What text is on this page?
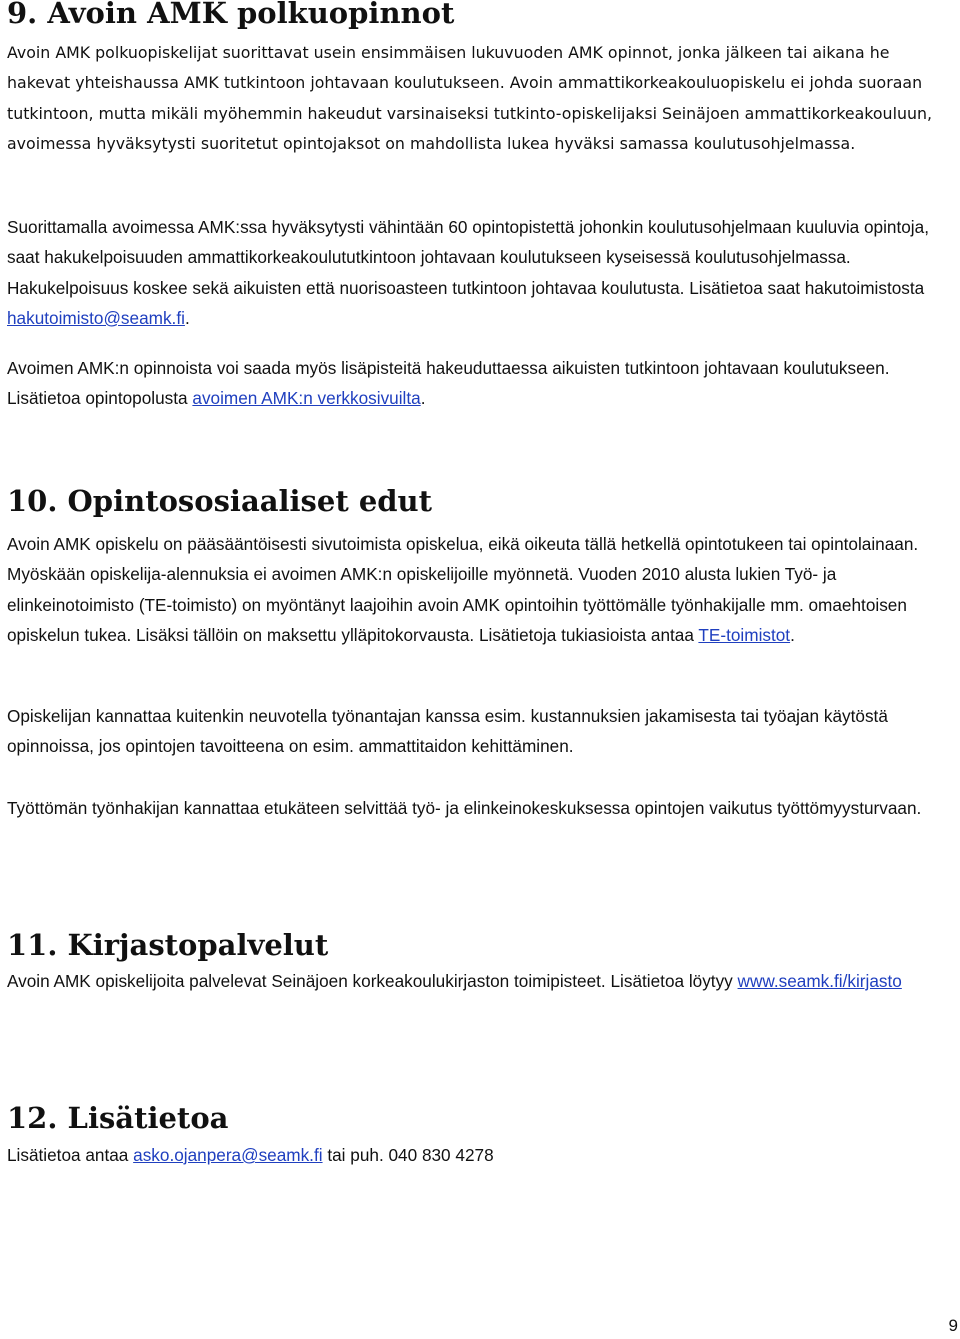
9. Avoin AMK polkuopinnot

Avoin AMK polkuopiskelijat suorittavat usein ensimmäisen lukuvuoden AMK opinnot, jonka jälkeen tai aikana he hakevat yhteishaussa AMK tutkintoon johtavaan koulutukseen. Avoin ammattikorkeakouluopiskelu ei johda suoraan tutkintoon, mutta mikäli myöhemmin hakeudut varsinaiseksi tutkinto-opiskelijaksi Seinäjoen ammattikorkeakouluun, avoimessa hyväksytysti suoritetut opintojaksot on mahdollista lukea hyväksi samassa koulutusohjelmassa.

Suorittamalla avoimessa AMK:ssa hyväksytysti vähintään 60 opintopistettä johonkin koulutusohjelmaan kuuluvia opintoja, saat hakukelpoisuuden ammattikorkeakoulututkintoon johtavaan koulutukseen kyseisessä koulutusohjelmassa. Hakukelpoisuus koskee sekä aikuisten että nuorisoasteen tutkintoon johtavaa koulutusta. Lisätietoa saat hakutoimistosta hakutoimisto@seamk.fi.

Avoimen AMK:n opinnoista voi saada myös lisäpisteitä hakeuduttaessa aikuisten tutkintoon johtavaan koulutukseen. Lisätietoa opintopolusta avoimen AMK:n verkkosivuilta.

10. Opintososiaaliset edut

Avoin AMK opiskelu on pääsääntöisesti sivutoimista opiskelua, eikä oikeuta tällä hetkellä opintotukeen tai opintolainaan. Myöskään opiskelija-alennuksia ei avoimen AMK:n opiskelijoille myönnetä. Vuoden 2010 alusta lukien Työ- ja elinkeinotoimisto (TE-toimisto) on myöntänyt laajoihin avoin AMK opintoihin työttömälle työnhakijalle mm. omaehtoisen opiskelun tukea. Lisäksi tällöin on maksettu ylläpitokorvausta. Lisätietoja tukiasioista antaa TE-toimistot.

Opiskelijan kannattaa kuitenkin neuvotella työnantajan kanssa esim. kustannuksien jakamisesta tai työajan käytöstä opinnoissa, jos opintojen tavoitteena on esim. ammattitaidon kehittäminen.

Työttömän työnhakijan kannattaa etukäteen selvittää työ- ja elinkeinokeskuksessa opintojen vaikutus työttömyysturvaan.

11. Kirjastopalvelut

Avoin AMK opiskelijoita palvelevat Seinäjoen korkeakoulukirjaston toimipisteet. Lisätietoa löytyy www.seamk.fi/kirjasto

12. Lisätietoa

Lisätietoa antaa asko.ojanpera@seamk.fi tai puh. 040 830 4278

9
